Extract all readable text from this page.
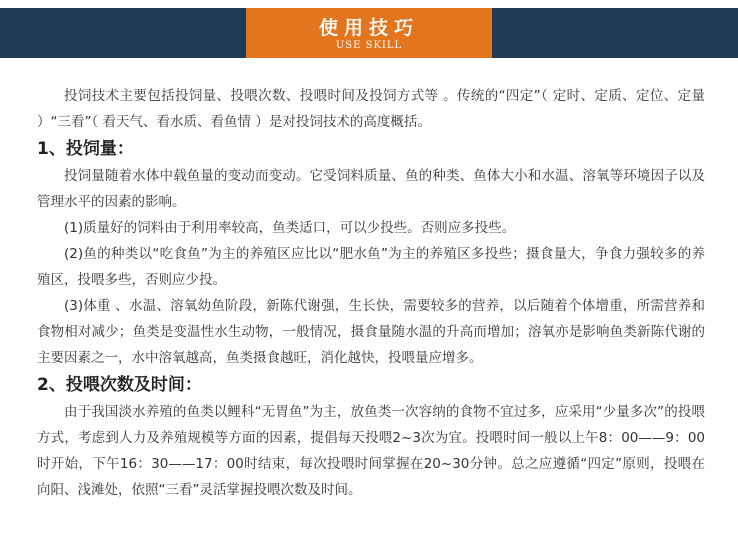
使用技巧
USE SKILL

投饲技术主要包括投饲量、投喂次数、投喂时间及投饲方式等 。传统的“四定”（ 定时、定质、定位、定量 ）“三看”（ 看天气、看水质、看鱼情 ）是对投饲技术的高度概括。

1、投饲量：

投饲量随着水体中载鱼量的变动而变动。它受饲料质量、鱼的种类、鱼体大小和水温、溶氧等环境因子以及管理水平的因素的影响。

(1)质量好的饲料由于利用率较高，鱼类适口，可以少投些。否则应多投些。

(2)鱼的种类以“吃食鱼”为主的养殖区应比以“肥水鱼”为主的养殖区多投些；摄食量大，争食力强较多的养殖区，投喂多些，否则应少投。

(3)体重 、水温、溶氧幼鱼阶段，新陈代谢强，生长快，需要较多的营养，以后随着个体增重，所需营养和食物相对减少；鱼类是变温性水生动物，一般情况，摄食量随水温的升高而增加；溶氧亦是影响鱼类新陈代谢的主要因素之一，水中溶氧越高，鱼类摄食越旺，消化越快，投喂量应增多。

2、投喂次数及时间：

由于我国淡水养殖的鱼类以鲤科“无胃鱼”为主，放鱼类一次容纳的食物不宜过多，应采用“少量多次”的投喂方式，考虑到人力及养殖规模等方面的因素，提倡每天投喂2~3次为宜。投喂时间一般以上午8：00——9：00时开始，下午16：30——17：00时结束，每次投喂时间掌握在20~30分钟。总之应遵循“四定”原则，投喂在向阳、浅滩处，依照“三看”灵活掌握投喂次数及时间。
